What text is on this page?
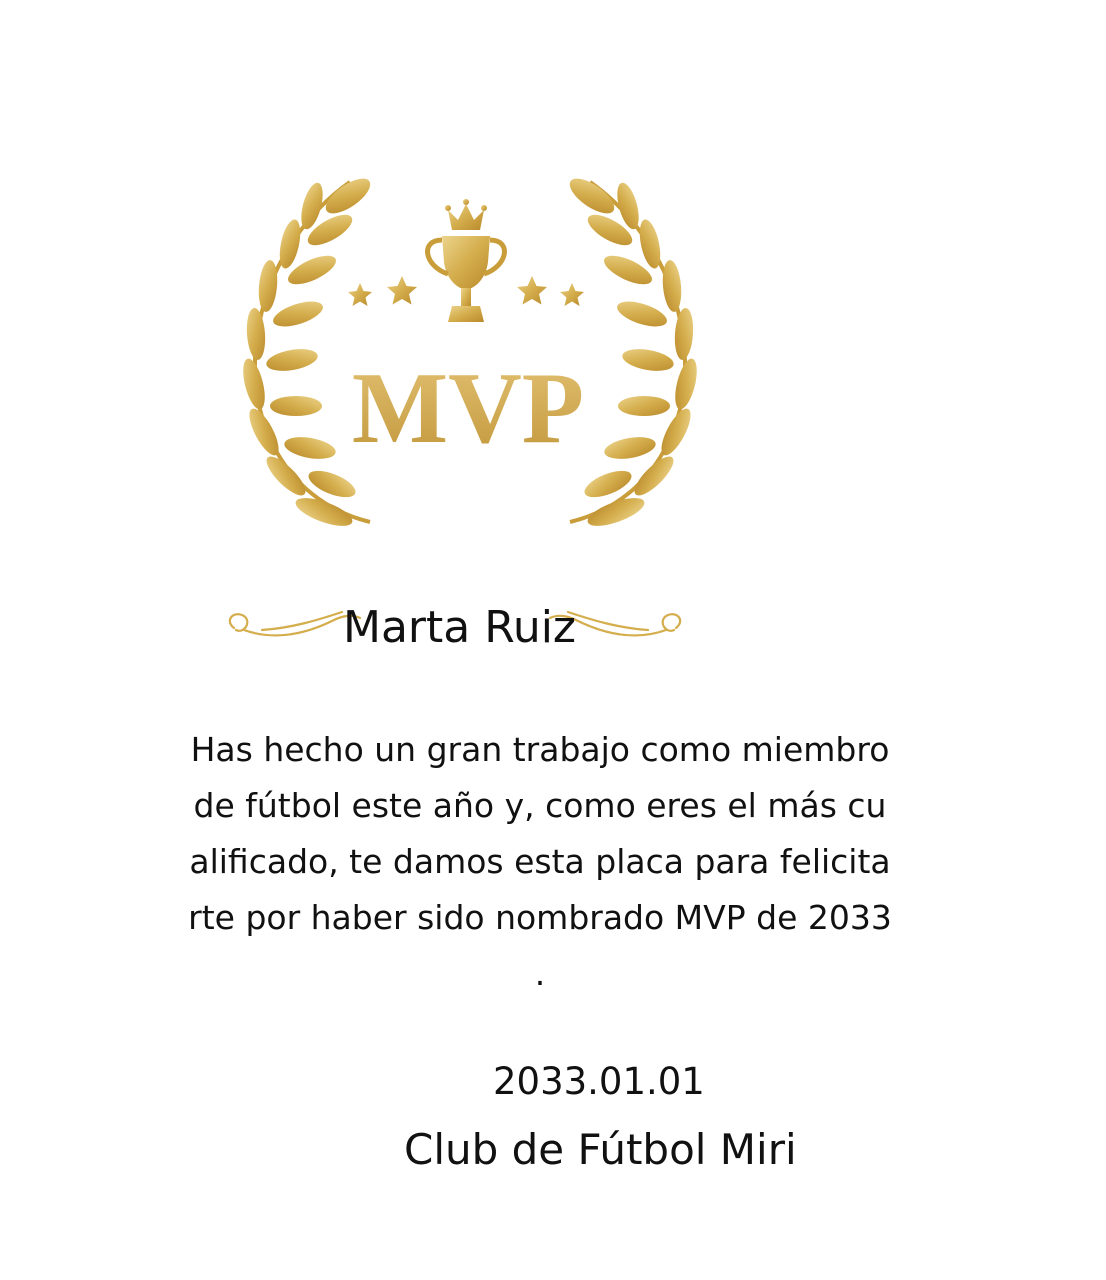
MVP
Marta Ruiz
Has hecho un gran trabajo como miembro
de fútbol este año y, como eres el más cu
alificado, te damos esta placa para felicita
rte por haber sido nombrado MVP de 2033
.
2033.01.01
Club de Fútbol Miri
